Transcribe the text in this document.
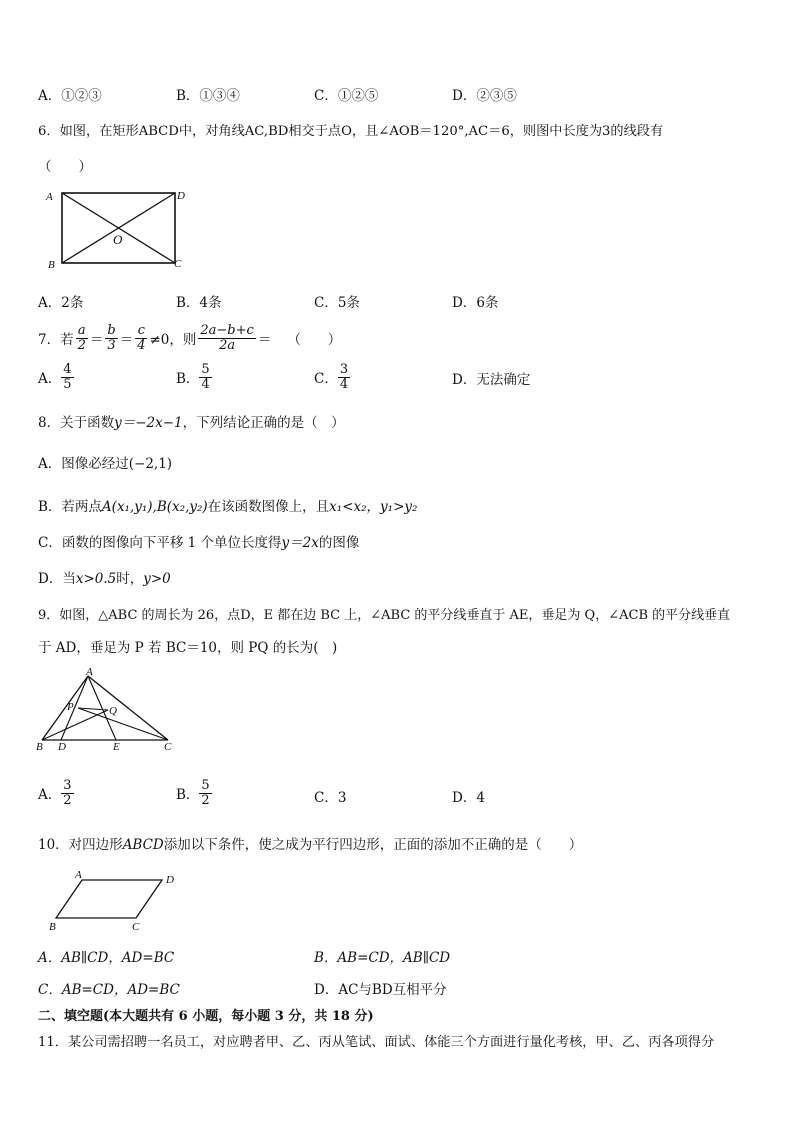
A．①②③	B．①③④	C．①②⑤	D．②③⑤
6．如图，在矩形ABCD中，对角线AC,BD相交于点O，且∠AOB＝120°,AC＝6，则图中长度为3的线段有
（　　）
A	D
O
B	C
A．2条	B．4条	C．5条	D．6条
7．若 $\frac{a}{2} = \frac{b}{3} = \frac{c}{4} \ne 0$，则 $\frac{2a-b+c}{2a}$ ＝ （　　）
A． $\frac{4}{5}$	B． $\frac{5}{4}$	C． $\frac{3}{4}$	D．无法确定
8．关于函数y＝−2x−1，下列结论正确的是（　）
A．图像必经过(−2,1)
B．若两点A(x₁,y₁),B(x₂,y₂)在该函数图像上，且x₁<x₂，y₁>y₂
C．函数的图像向下平移 1 个单位长度得y＝2x的图像
D．当x>0.5时，y>0
9．如图，△ABC 的周长为 26，点D，E 都在边 BC 上，∠ABC 的平分线垂直于 AE，垂足为 Q，∠ACB 的平分线垂直
于 AD，垂足为 P 若 BC＝10，则 PQ 的长为(　)
A
P	Q
B D	E	C
A． $\frac{3}{2}$	B． $\frac{5}{2}$	C．3	D．4
10．对四边形ABCD添加以下条件，使之成为平行四边形，正面的添加不正确的是（　　）
A	D
B	C
A．AB∥CD，AD=BC	B．AB=CD，AB∥CD
C．AB=CD，AD=BC	D．AC与BD互相平分
二、填空题(本大题共有 6 小题，每小题 3 分，共 18 分)
11．某公司需招聘一名员工，对应聘者甲、乙、丙从笔试、面试、体能三个方面进行量化考核，甲、乙、丙各项得分
